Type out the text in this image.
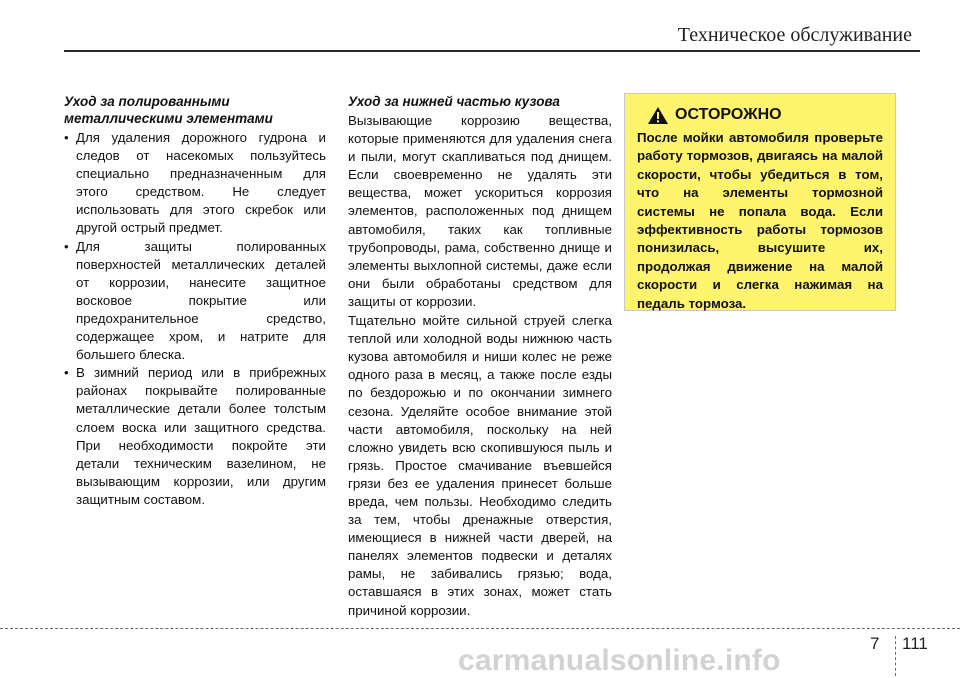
Техническое обслуживание
Уход за полированными
металлическими элементами
• Для удаления дорожного гудрона и следов от насекомых пользуйтесь специально предназначенным для этого средством. Не следует использовать для этого скребок или другой острый предмет.
• Для защиты полированных поверхностей металлических деталей от коррозии, нанесите защитное восковое покрытие или предохранительное средство, содержащее хром, и натрите для большего блеска.
• В зимний период или в прибрежных районах покрывайте полированные металлические детали более толстым слоем воска или защитного средства. При необходимости покройте эти детали техническим вазелином, не вызывающим коррозии, или другим защитным составом.
Уход за нижней частью кузова

Вызывающие коррозию вещества, которые применяются для удаления снега и пыли, могут скапливаться под днищем. Если своевременно не удалять эти вещества, может ускориться коррозия элементов, расположенных под днищем автомобиля, таких как топливные трубопроводы, рама, собственно днище и элементы выхлопной системы, даже если они были обработаны средством для защиты от коррозии.

Тщательно мойте сильной струей слегка теплой или холодной воды нижнюю часть кузова автомобиля и ниши колес не реже одного раза в месяц, а также после езды по бездорожью и по окончании зимнего сезона. Уделяйте особое внимание этой части автомобиля, поскольку на ней сложно увидеть всю скопившуюся пыль и грязь. Простое смачивание въевшейся грязи без ее удаления принесет больше вреда, чем пользы. Необходимо следить за тем, чтобы дренажные отверстия, имеющиеся в нижней части дверей, на панелях элементов подвески и деталях рамы, не забивались грязью; вода, оставшаяся в этих зонах, может стать причиной коррозии.

ОСТОРОЖНО
После мойки автомобиля проверьте работу тормозов, двигаясь на малой скорости, чтобы убедиться в том, что на элементы тормозной системы не попала вода. Если эффективность работы тормозов понизилась, высушите их, продолжая движение на малой скорости и слегка нажимая на педаль тормоза.
7 111
carmanualsonline.info
